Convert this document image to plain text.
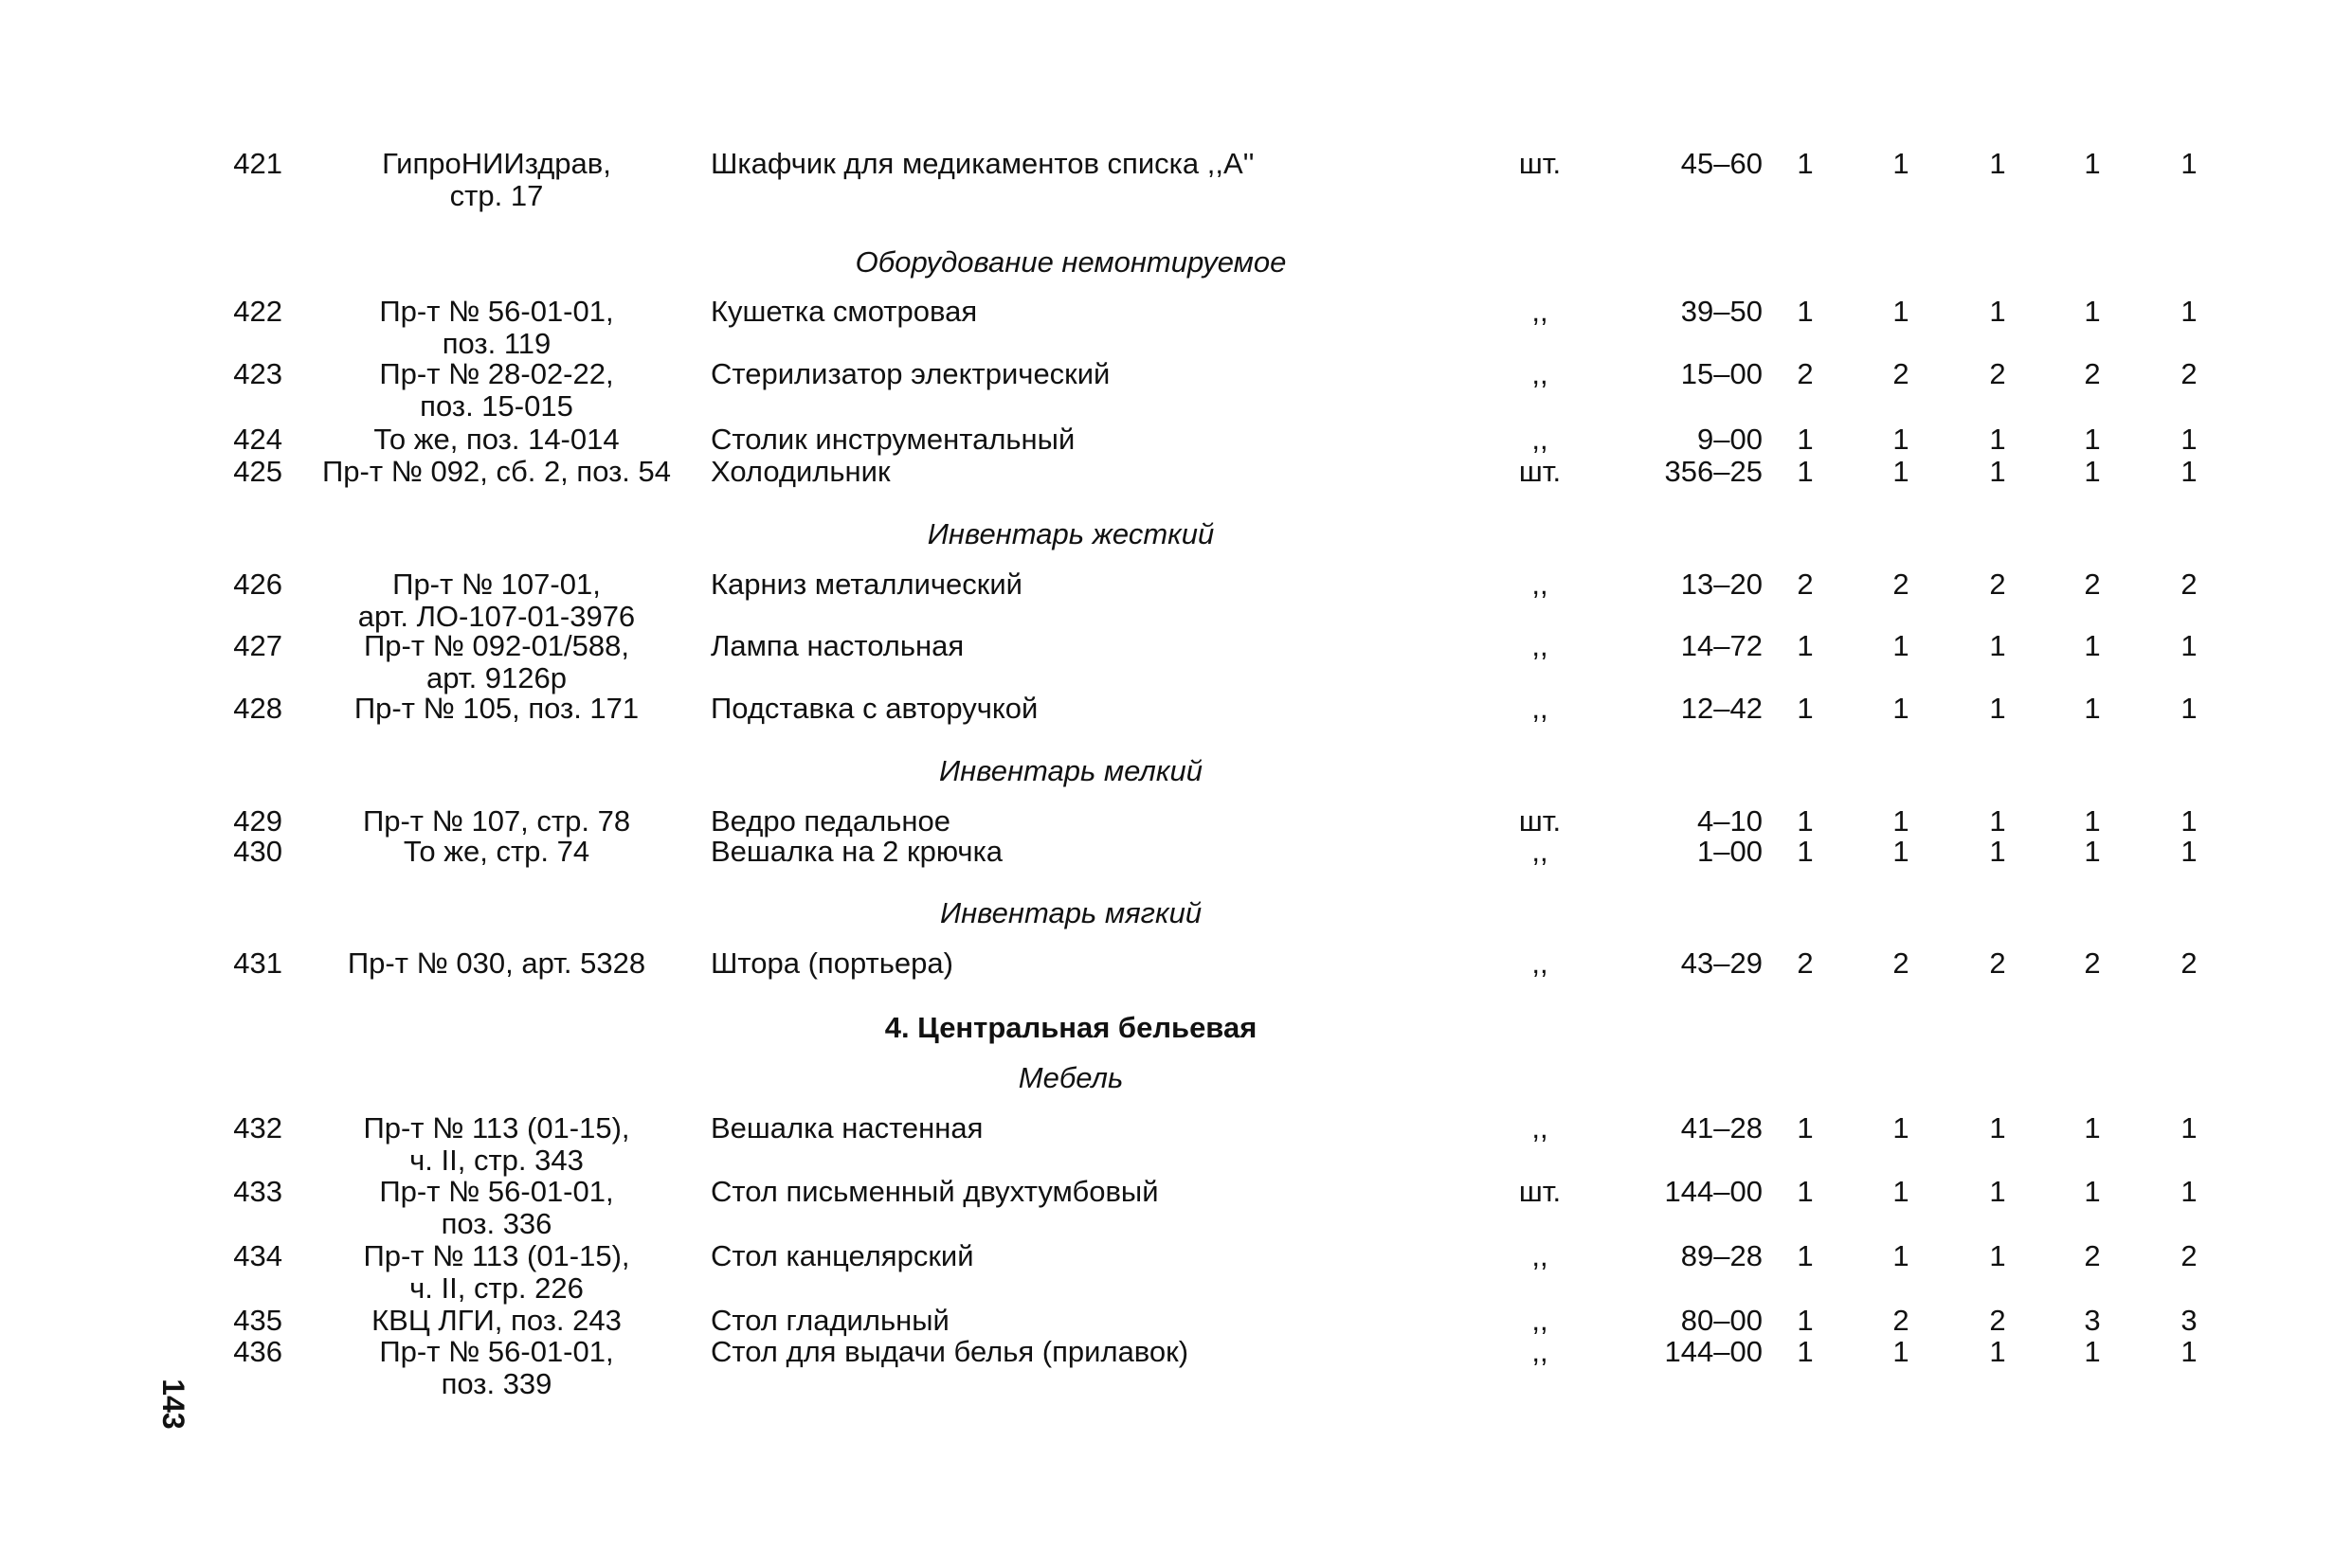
421	ГипроНИИздрав,
стр. 17
Шкафчик для медикаментов списка ,,А''	шт.	45–60	1	1	1	1	1
Оборудование немонтируемое
422	Пр-т № 56-01-01,
поз. 119
Кушетка смотровая	,,	39–50	1	1	1	1	1
423	Пр-т № 28-02-22,
поз. 15-015
Стерилизатор электрический	,,	15–00	2	2	2	2	2
424	То же, поз. 14-014	Столик инструментальный	,,	9–00	1	1	1	1	1
425	Пр-т № 092, сб. 2, поз. 54	Холодильник	шт.	356–25	1	1	1	1	1
Инвентарь жесткий
426	Пр-т № 107-01,
арт. ЛО-107-01-3976
Карниз металлический	,,	13–20	2	2	2	2	2
427	Пр-т № 092-01/588,
арт. 9126р
Лампа настольная	,,	14–72	1	1	1	1	1
428	Пр-т № 105, поз. 171	Подставка с авторучкой	,,	12–42	1	1	1	1	1
Инвентарь мелкий
429	Пр-т № 107, стр. 78	Ведро педальное	шт.	4–10	1	1	1	1	1
430	То же, стр. 74	Вешалка на 2 крючка	,,	1–00	1	1	1	1	1
Инвентарь мягкий
431	Пр-т № 030, арт. 5328	Штора (портьера)	,,	43–29	2	2	2	2	2
4. Центральная бельевая
Мебель
432	Пр-т № 113 (01-15),
ч. II, стр. 343
Вешалка настенная	,,	41–28	1	1	1	1	1
433	Пр-т № 56-01-01,
поз. 336
Стол письменный двухтумбовый	шт.	144–00	1	1	1	1	1
434	Пр-т № 113 (01-15),
ч. II, стр. 226
Стол канцелярский	,,	89–28	1	1	1	2	2
435	КВЦ ЛГИ, поз. 243	Стол гладильный	,,	80–00	1	2	2	3	3
436	Пр-т № 56-01-01,
поз. 339
Стол для выдачи белья (прилавок)	,,	144–00	1	1	1	1	1
143
